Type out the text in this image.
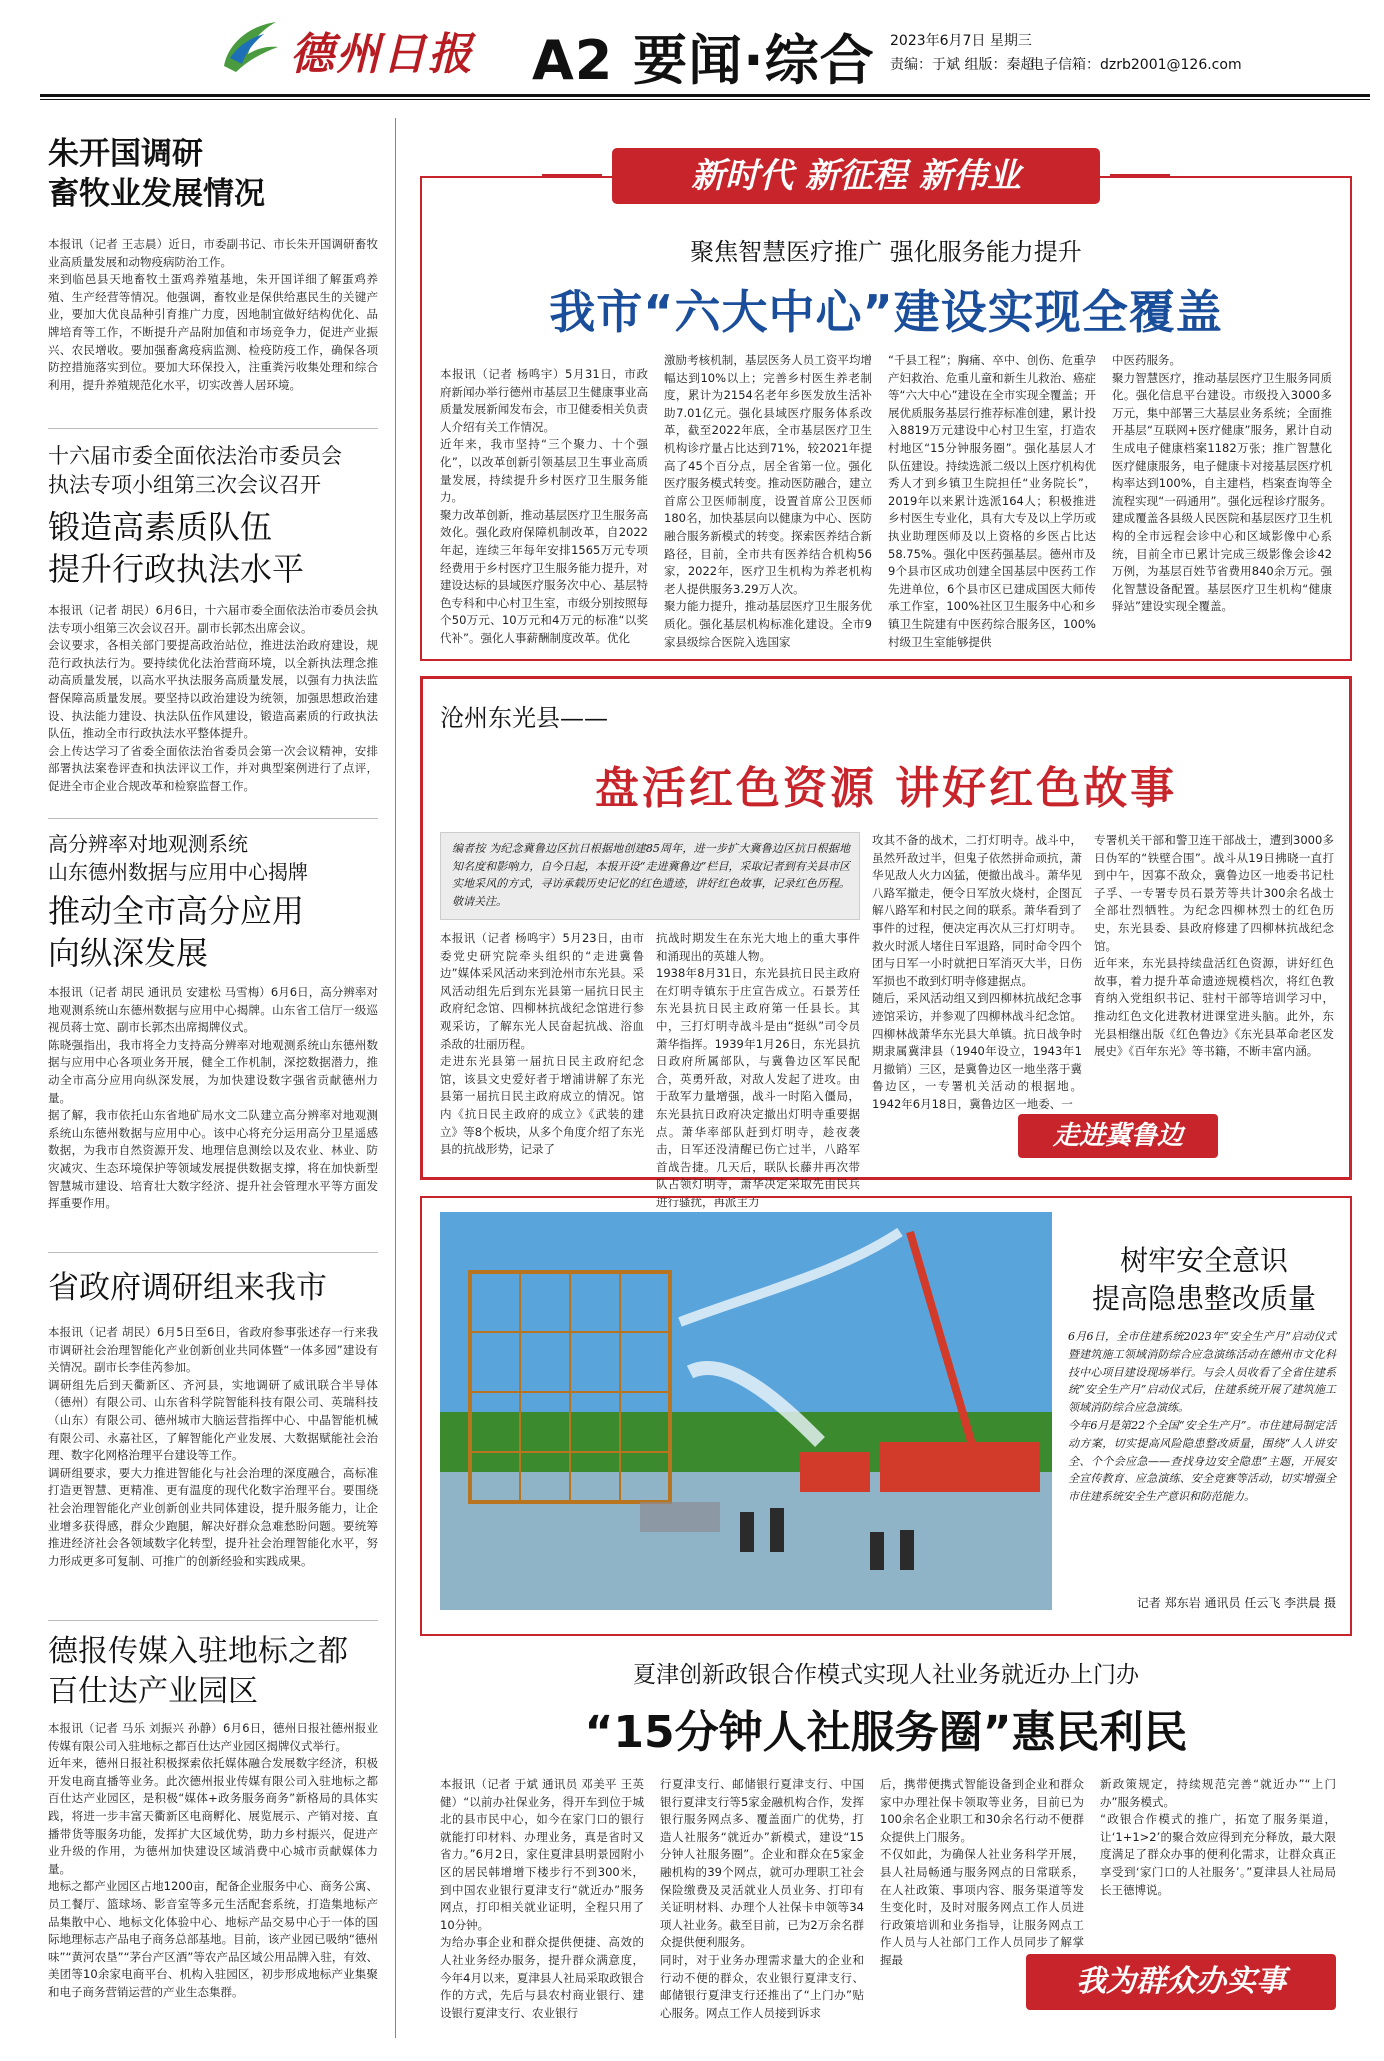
德州日报 A2 要闻·综合 2023年6月7日 星期三
责编：于斌 组版：秦超
电子信箱：dzrb2001@126.com
朱开国调研
畜牧业发展情况
本报讯（记者 王志晨）近日，市委副书记、市长朱开国调研畜牧业高质量发展和动物疫病防治工作。
来到临邑县天地畜牧土蛋鸡养殖基地，朱开国详细了解蛋鸡养殖、生产经营等情况。他强调，畜牧业是保供给惠民生的关键产业，要加大优良品种引育推广力度，因地制宜做好结构优化、品牌培育等工作，不断提升产品附加值和市场竞争力，促进产业振兴、农民增收。要加强畜禽疫病监测、检疫防疫工作，确保各项防控措施落实到位。要加大环保投入，注重粪污收集处理和综合利用，提升养殖规范化水平，切实改善人居环境。
十六届市委全面依法治市委员会
执法专项小组第三次会议召开
锻造高素质队伍
提升行政执法水平
本报讯（记者 胡民）6月6日，十六届市委全面依法治市委员会执法专项小组第三次会议召开。副市长郭杰出席会议。
会议要求，各相关部门要提高政治站位，推进法治政府建设，规范行政执法行为。要持续优化法治营商环境，以全新执法理念推动高质量发展，以高水平执法服务高质量发展，以强有力执法监督保障高质量发展。要坚持以政治建设为统领，加强思想政治建设、执法能力建设、执法队伍作风建设，锻造高素质的行政执法队伍，推动全市行政执法水平整体提升。
会上传达学习了省委全面依法治省委员会第一次会议精神，安排部署执法案卷评查和执法评议工作，并对典型案例进行了点评，促进全市企业合规改革和检察监督工作。
高分辨率对地观测系统
山东德州数据与应用中心揭牌
推动全市高分应用
向纵深发展
本报讯（记者 胡民 通讯员 安建松 马雪梅）6月6日，高分辨率对地观测系统山东德州数据与应用中心揭牌。山东省工信厅一级巡视员蒋士宽、副市长郭杰出席揭牌仪式。
陈晓强指出，我市将全力支持高分辨率对地观测系统山东德州数据与应用中心各项业务开展，健全工作机制，深挖数据潜力，推动全市高分应用向纵深发展，为加快建设数字强省贡献德州力量。
据了解，我市依托山东省地矿局水文二队建立高分辨率对地观测系统山东德州数据与应用中心。该中心将充分运用高分卫星遥感数据，为我市自然资源开发、地理信息测绘以及农业、林业、防灾减灾、生态环境保护等领域发展提供数据支撑，将在加快新型智慧城市建设、培育壮大数字经济、提升社会管理水平等方面发挥重要作用。
省政府调研组来我市
本报讯（记者 胡民）6月5日至6日，省政府参事张述存一行来我市调研社会治理智能化产业创新创业共同体暨“一体多园”建设有关情况。副市长李佳芮参加。
调研组先后到天衢新区、齐河县，实地调研了威讯联合半导体（德州）有限公司、山东省科学院智能科技有限公司、英瑞科技（山东）有限公司、德州城市大脑运营指挥中心、中晶智能机械有限公司、永嘉社区，了解智能化产业发展、大数据赋能社会治理、数字化网格治理平台建设等工作。
调研组要求，要大力推进智能化与社会治理的深度融合，高标准打造更智慧、更精准、更有温度的现代化数字治理平台。要围绕社会治理智能化产业创新创业共同体建设，提升服务能力，让企业增多获得感，群众少跑腿，解决好群众急难愁盼问题。要统筹推进经济社会各领域数字化转型，提升社会治理智能化水平，努力形成更多可复制、可推广的创新经验和实践成果。
德报传媒入驻地标之都
百仕达产业园区
本报讯（记者 马乐 刘振兴 孙静）6月6日，德州日报社德州报业传媒有限公司入驻地标之都百仕达产业园区揭牌仪式举行。
近年来，德州日报社积极探索依托媒体融合发展数字经济，积极开发电商直播等业务。此次德州报业传媒有限公司入驻地标之都百仕达产业园区，是积极“媒体+政务服务商务”新格局的具体实践，将进一步丰富天衢新区电商孵化、展览展示、产销对接、直播带货等服务功能，发挥扩大区域优势，助力乡村振兴，促进产业升级的作用，为德州加快建设区域消费中心城市贡献媒体力量。
地标之都产业园区占地1200亩，配备企业服务中心、商务公寓、员工餐厅、篮球场、影音室等多元生活配套系统，打造集地标产品集散中心、地标文化体验中心、地标产品交易中心于一体的国际地理标志产品电子商务总部基地。目前，该产业园已吸纳“德州味”“黄河农垦”“茅台产区酒”等农产品区域公用品牌入驻，有效、美团等10余家电商平台、机构入驻园区，初步形成地标产业集聚和电子商务营销运营的产业生态集群。
新时代 新征程 新伟业
聚焦智慧医疗推广 强化服务能力提升
我市“六大中心”建设实现全覆盖
本报讯（记者 杨鸣宇）5月31日，市政府新闻办举行德州市基层卫生健康事业高质量发展新闻发布会，市卫健委相关负责人介绍有关工作情况。
近年来，我市坚持“三个聚力、十个强化”，以改革创新引领基层卫生事业高质量发展，持续提升乡村医疗卫生服务能力。
聚力改革创新，推动基层医疗卫生服务高效化。强化政府保障机制改革，自2022年起，连续三年每年安排1565万元专项经费用于乡村医疗卫生服务能力提升，对建设达标的县域医疗服务次中心、基层特色专科和中心村卫生室，市级分别按照每个50万元、10万元和4万元的标准“以奖代补”。强化人事薪酬制度改革。优化
激励考核机制，基层医务人员工资平均增幅达到10%以上；完善乡村医生养老制度，累计为2154名老年乡医发放生活补助7.01亿元。强化县域医疗服务体系改革，截至2022年底，全市基层医疗卫生机构诊疗量占比达到71%，较2021年提高了45个百分点，居全省第一位。强化医疗服务模式转变。推动医防融合，建立首席公卫医师制度，设置首席公卫医师180名，加快基层向以健康为中心、医防融合服务新模式的转变。探索医养结合新路径，目前，全市共有医养结合机构56家，2022年，医疗卫生机构为养老机构老人提供服务3.29万人次。
聚力能力提升，推动基层医疗卫生服务优质化。强化基层机构标准化建设。全市9家县级综合医院入选国家
“千县工程”；胸痛、卒中、创伤、危重孕产妇救治、危重儿童和新生儿救治、癌症等“六大中心”建设在全市实现全覆盖；开展优质服务基层行推荐标准创建，累计投入8819万元建设中心村卫生室，打造农村地区“15分钟服务圈”。强化基层人才队伍建设。持续选派二级以上医疗机构优秀人才到乡镇卫生院担任“业务院长”，2019年以来累计选派164人；积极推进乡村医生专业化，具有大专及以上学历或执业助理医师及以上资格的乡医占比达58.75%。强化中医药强基层。德州市及9个县市区成功创建全国基层中医药工作先进单位，6个县市区已建成国医大师传承工作室，100%社区卫生服务中心和乡镇卫生院建有中医药综合服务区，100%村级卫生室能够提供
中医药服务。
聚力智慧医疗，推动基层医疗卫生服务同质化。强化信息平台建设。市级投入3000多万元，集中部署三大基层业务系统；全面推开基层“互联网+医疗健康”服务，累计自动生成电子健康档案1182万张；推广智慧化医疗健康服务，电子健康卡对接基层医疗机构率达到100%，自主建档，档案查询等全流程实现“一码通用”。强化远程诊疗服务。建成覆盖各县级人民医院和基层医疗卫生机构的全市远程会诊中心和区域影像中心系统，目前全市已累计完成三级影像会诊42万例，为基层百姓节省费用840余万元。强化智慧设备配置。基层医疗卫生机构“健康驿站”建设实现全覆盖。
沧州东光县——
盘活红色资源 讲好红色故事
编者按 为纪念冀鲁边区抗日根据地创建85周年，进一步扩大冀鲁边区抗日根据地知名度和影响力，自今日起，本报开设“走进冀鲁边”栏目，采取记者到有关县市区实地采风的方式，寻访承载历史记忆的红色遗迹，讲好红色故事，记录红色历程。敬请关注。
本报讯（记者 杨鸣宇）5月23日，由市委党史研究院牵头组织的“走进冀鲁边”媒体采风活动来到沧州市东光县。采风活动组先后到东光县第一届抗日民主政府纪念馆、四柳林抗战纪念馆进行参观采访，了解东光人民奋起抗战、浴血杀敌的壮丽历程。
走进东光县第一届抗日民主政府纪念馆，该县文史爱好者于增浦讲解了东光县第一届抗日民主政府成立的情况。馆内《抗日民主政府的成立》《武装的建立》等8个板块，从多个角度介绍了东光县的抗战形势，记录了
抗战时期发生在东光大地上的重大事件和涌现出的英雄人物。
1938年8月31日，东光县抗日民主政府在灯明寺镇东于庄宣告成立。石景芳任东光县抗日民主政府第一任县长。其中，三打灯明寺战斗是由“挺纵”司令员萧华指挥。1939年1月26日，东光县抗日政府所属部队，与冀鲁边区军民配合，英勇歼敌，对敌人发起了进攻。由于敌军力量增强，战斗一时陷入僵局，东光县抗日政府决定撤出灯明寺重要据点。萧华率部队赶到灯明寺，趁夜袭击，日军还没清醒已伤亡过半，八路军首战告捷。几天后，联队长藤井再次带队占领灯明寺，萧华决定采取先由民兵进行骚扰，再派主力
攻其不备的战术，二打灯明寺。战斗中，虽然歼敌过半，但鬼子依然拼命顽抗，萧华见敌人火力凶猛，便撤出战斗。萧华见八路军撤走，便令日军放火烧村，企图瓦解八路军和村民之间的联系。萧华看到了事件的过程，便决定再次从三打灯明寺。救火时派人堵住日军退路，同时命令四个团与日军一小时就把日军消灭大半，日伤军损也不敢到灯明寺修建据点。
随后，采风活动组又到四柳林抗战纪念事迹馆采访，并参观了四柳林战斗纪念馆。四柳林战萧华东光县大单镇。抗日战争时期隶属冀津县（1940年设立，1943年1月撤销）三区，是冀鲁边区一地坐落于冀鲁边区，一专署机关活动的根据地。1942年6月18日，冀鲁边区一地委、一
专署机关干部和警卫连干部战士，遭到3000多日伪军的“铁壁合围”。战斗从19日拂晓一直打到中午，因寡不敌众，冀鲁边区一地委书记杜子孚、一专署专员石景芳等共计300余名战士全部壮烈牺牲。为纪念四柳林烈士的红色历史，东光县委、县政府修建了四柳林抗战纪念馆。
近年来，东光县持续盘活红色资源，讲好红色故事，着力提升革命遗迹规模档次，将红色教育纳入党组织书记、驻村干部等培训学习中，推动红色文化进教材进课堂进头脑。此外，东光县相继出版《红色鲁边》《东光县革命老区发展史》《百年东光》等书籍，不断丰富内涵。
走进冀鲁边
树牢安全意识
提高隐患整改质量
6月6日，全市住建系统2023年“安全生产月”启动仪式暨建筑施工领域消防综合应急演练活动在德州市文化科技中心项目建设现场举行。与会人员收看了全省住建系统“安全生产月”启动仪式后，住建系统开展了建筑施工领域消防综合应急演练。
今年6月是第22个全国“安全生产月”。市住建局制定活动方案，切实提高风险隐患整改质量，围绕“人人讲安全、个个会应急——查找身边安全隐患”主题，开展安全宣传教育、应急演练、安全竞赛等活动，切实增强全市住建系统安全生产意识和防范能力。
记者 郑东岩 通讯员 任云飞 李洪晨 摄
夏津创新政银合作模式实现人社业务就近办上门办
“15分钟人社服务圈”惠民利民
本报讯（记者 于斌 通讯员 邓美平 王英健）“以前办社保业务，得开车到位于城北的县市民中心，如今在家门口的银行就能打印材料、办理业务，真是省时又省力。”6月2日，家住夏津县明景园附小区的居民韩增增下楼步行不到300米，到中国农业银行夏津支行“就近办”服务网点，打印相关就业证明，全程只用了10分钟。
为给办事企业和群众提供便捷、高效的人社业务经办服务，提升群众满意度，今年4月以来，夏津县人社局采取政银合作的方式，先后与县农村商业银行、建设银行夏津支行、农业银行
行夏津支行、邮储银行夏津支行、中国银行夏津支行等5家金融机构合作，发挥银行服务网点多、覆盖面广的优势，打造人社服务“就近办”新模式，建设“15分钟人社服务圈”。企业和群众在5家金融机构的39个网点，就可办理职工社会保险缴费及灵活就业人员业务、打印有关证明材料、办理个人社保卡申领等34项人社业务。截至目前，已为2万余名群众提供便利服务。
同时，对于业务办理需求量大的企业和行动不便的群众，农业银行夏津支行、邮储银行夏津支行还推出了“上门办”贴心服务。网点工作人员接到诉求
后，携带便携式智能设备到企业和群众家中办理社保卡领取等业务，目前已为100余名企业职工和30余名行动不便群众提供上门服务。
不仅如此，为确保人社业务科学开展，县人社局畅通与服务网点的日常联系，在人社政策、事项内容、服务渠道等发生变化时，及时对服务网点工作人员进行政策培训和业务指导，让服务网点工作人员与人社部门工作人员同步了解掌握最
新政策规定，持续规范完善“就近办”“上门办”服务模式。
“政银合作模式的推广，拓宽了服务渠道，让‘1+1>2’的聚合效应得到充分释放，最大限度满足了群众办事的便利化需求，让群众真正享受到‘家门口的人社服务’。”夏津县人社局局长王德博说。
我为群众办实事
